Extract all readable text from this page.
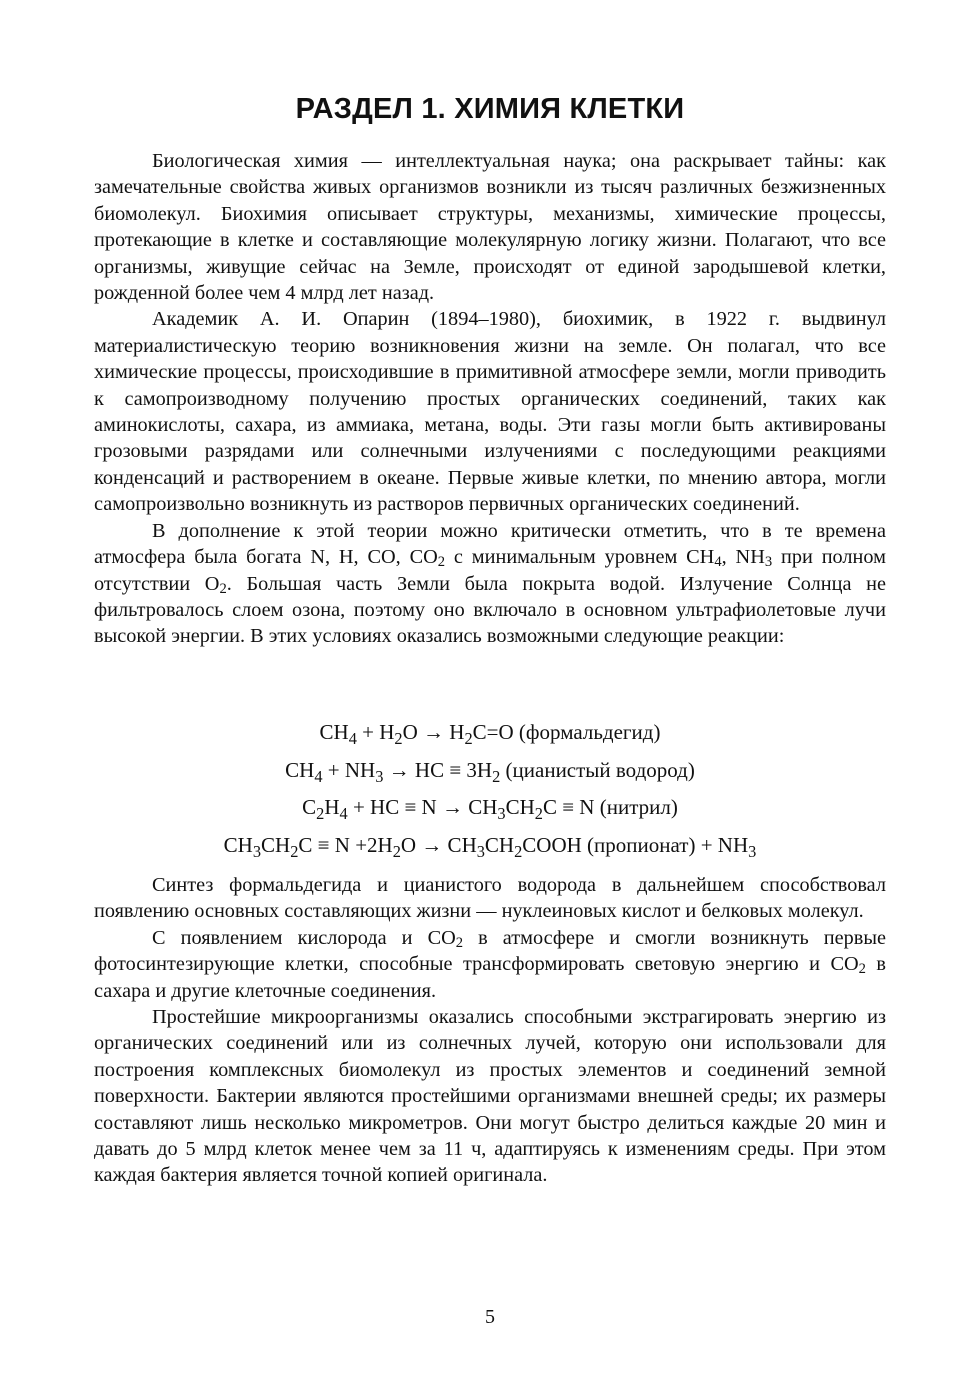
РАЗДЕЛ 1. ХИМИЯ КЛЕТКИ

Биологическая химия — интеллектуальная наука; она раскрывает тайны: как замечательные свойства живых организмов возникли из тысяч различных безжизненных биомолекул. Биохимия описывает структуры, механизмы, химические процессы, протекающие в клетке и составляющие молекулярную логику жизни. Полагают, что все организмы, живущие сейчас на Земле, происходят от единой зародышевой клетки, рожденной более чем 4 млрд лет назад.

Академик А. И. Опарин (1894–1980), биохимик, в 1922 г. выдвинул материалистическую теорию возникновения жизни на земле. Он полагал, что все химические процессы, происходившие в примитивной атмосфере земли, могли приводить к самопроизводному получению простых органических соединений, таких как аминокислоты, сахара, из аммиака, метана, воды. Эти газы могли быть активированы грозовыми разрядами или солнечными излучениями с последующими реакциями конденсаций и растворением в океане. Первые живые клетки, по мнению автора, могли самопроизвольно возникнуть из растворов первичных органических соединений.

В дополнение к этой теории можно критически отметить, что в те времена атмосфера была богата N, H, CO, $CO_2$ с минимальным уровнем $CH_4$, $NH_3$ при полном отсутствии $O_2$. Большая часть Земли была покрыта водой. Излучение Солнца не фильтровалось слоем озона, поэтому оно включало в основном ультрафиолетовые лучи высокой энергии. В этих условиях оказались возможными следующие реакции:

$CH_4 + H_2O \to H_2C=O$ (формальдегид)
$CH_4 + NH_3$ → HC ≡ $3H_2$ (цианистый водород)
$C_2H_4$ + HC ≡ $N \to CH_3CH_2C \equiv N$ (нитрил)
$CH_3CH_2C \equiv N +2H_2O$ → $CH_3CH_2COOH$ (пропионат) + $NH_3$

Синтез формальдегида и цианистого водорода в дальнейшем способствовал появлению основных составляющих жизни — нуклеиновых кислот и белковых молекул.

С появлением кислорода и $CO_2$ в атмосфере и смогли возникнуть первые фотосинтезирующие клетки, способные трансформировать световую энергию и $CO_2$ в сахара и другие клеточные соединения.

Простейшие микроорганизмы оказались способными экстрагировать энергию из органических соединений или из солнечных лучей, которую они использовали для построения комплексных биомолекул из простых элементов и соединений земной поверхности. Бактерии являются простейшими организмами внешней среды; их размеры составляют лишь несколько микрометров. Они могут быстро делиться каждые 20 мин и давать до 5 млрд клеток менее чем за 11 ч, адаптируясь к изменениям среды. При этом каждая бактерия является точной копией оригинала.

5
